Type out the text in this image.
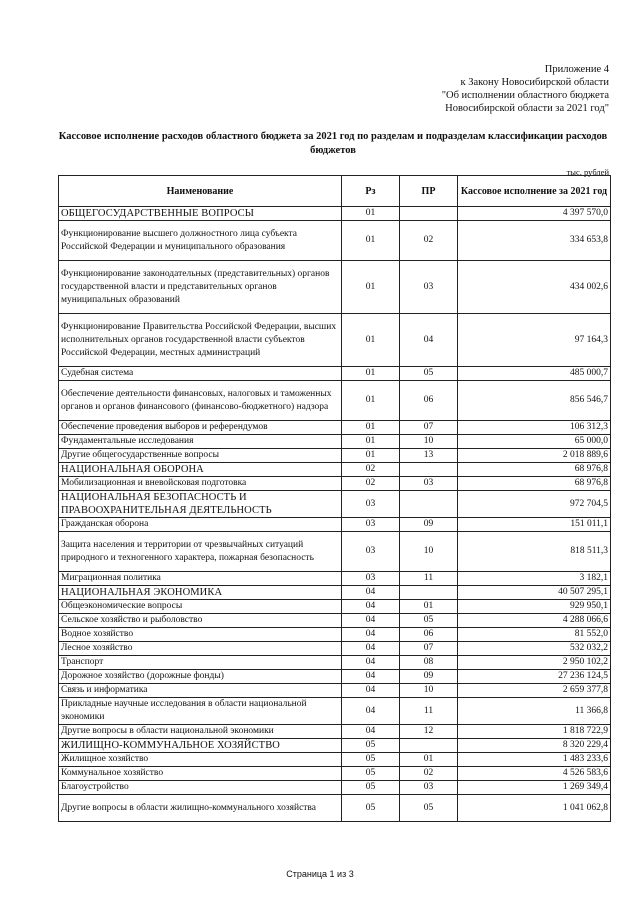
Приложение 4
к Закону Новосибирской области
"Об исполнении областного бюджета
Новосибирской области за 2021 год"
Кассовое исполнение расходов областного бюджета за 2021 год по разделам и подразделам классификации расходов бюджетов
тыс. рублей
Наименование	Рз	ПР	Кассовое исполнение за 2021 год
ОБЩЕГОСУДАРСТВЕННЫЕ ВОПРОСЫ	01		4 397 570,0
Функционирование высшего должностного лица субъекта Российской Федерации и муниципального образования	01	02	334 653,8
Функционирование законодательных (представительных) органов государственной власти и представительных органов муниципальных образований	01	03	434 002,6
Функционирование Правительства Российской Федерации, высших исполнительных органов государственной власти субъектов Российской Федерации, местных администраций	01	04	97 164,3
Судебная система	01	05	485 000,7
Обеспечение деятельности финансовых, налоговых и таможенных органов и органов финансового (финансово-бюджетного) надзора	01	06	856 546,7
Обеспечение проведения выборов и референдумов	01	07	106 312,3
Фундаментальные исследования	01	10	65 000,0
Другие общегосударственные вопросы	01	13	2 018 889,6
НАЦИОНАЛЬНАЯ ОБОРОНА	02		68 976,8
Мобилизационная и вневойсковая подготовка	02	03	68 976,8
НАЦИОНАЛЬНАЯ БЕЗОПАСНОСТЬ И ПРАВООХРАНИТЕЛЬНАЯ ДЕЯТЕЛЬНОСТЬ	03		972 704,5
Гражданская оборона	03	09	151 011,1
Защита населения и территории от чрезвычайных ситуаций природного и техногенного характера, пожарная безопасность	03	10	818 511,3
Миграционная политика	03	11	3 182,1
НАЦИОНАЛЬНАЯ ЭКОНОМИКА	04		40 507 295,1
Общеэкономические вопросы	04	01	929 950,1
Сельское хозяйство и рыболовство	04	05	4 288 066,6
Водное хозяйство	04	06	81 552,0
Лесное хозяйство	04	07	532 032,2
Транспорт	04	08	2 950 102,2
Дорожное хозяйство (дорожные фонды)	04	09	27 236 124,5
Связь и информатика	04	10	2 659 377,8
Прикладные научные исследования в области национальной экономики	04	11	11 366,8
Другие вопросы в области национальной экономики	04	12	1 818 722,9
ЖИЛИЩНО-КОММУНАЛЬНОЕ ХОЗЯЙСТВО	05		8 320 229,4
Жилищное хозяйство	05	01	1 483 233,6
Коммунальное хозяйство	05	02	4 526 583,6
Благоустройство	05	03	1 269 349,4
Другие вопросы в области жилищно-коммунального хозяйства	05	05	1 041 062,8
Страница 1 из 3
